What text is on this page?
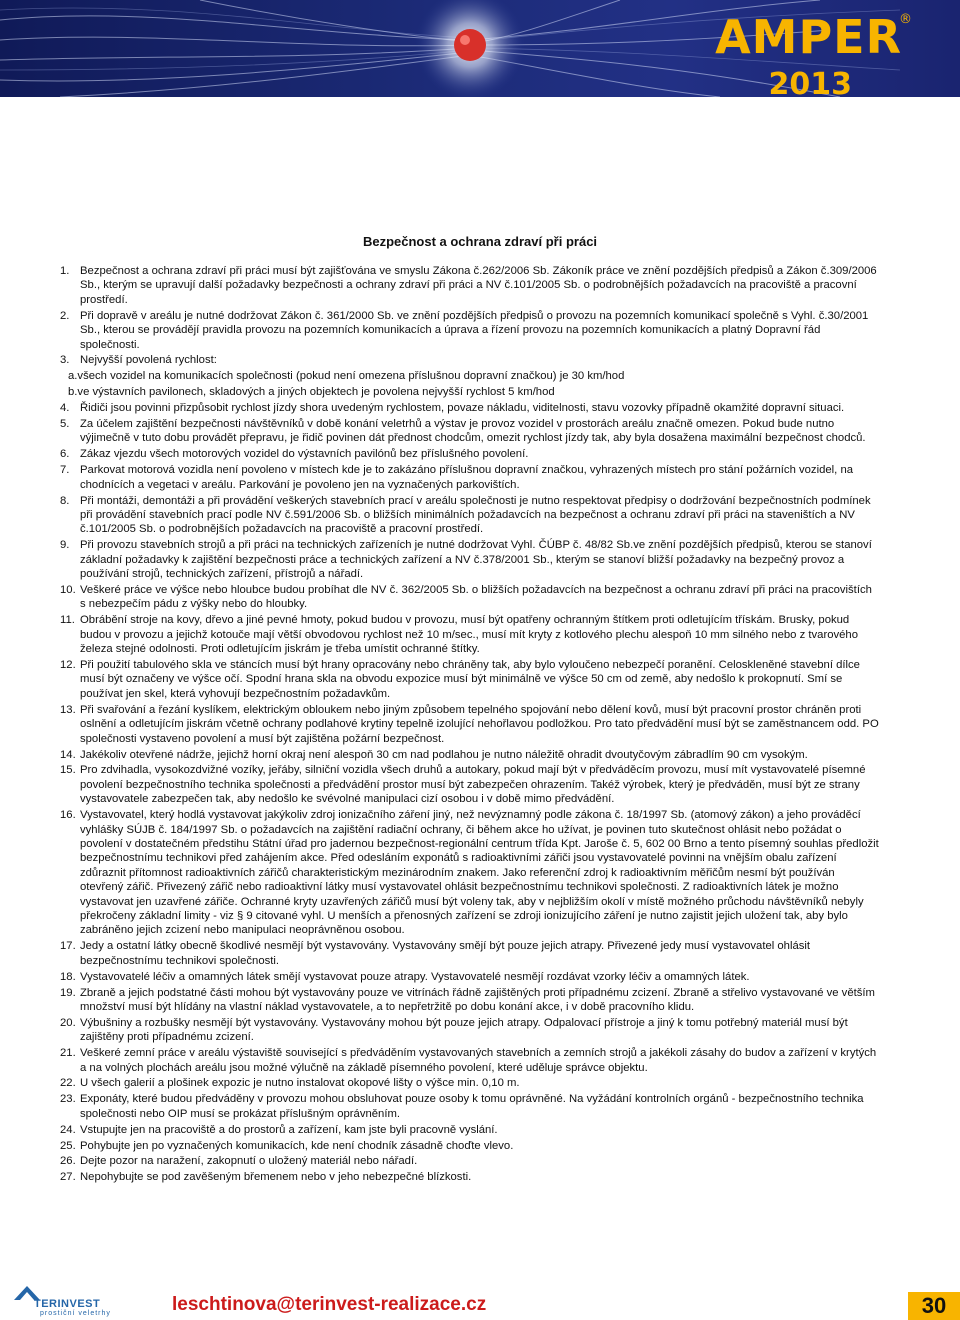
AMPER
®
2013
Bezpečnost a ochrana zdraví při práci
1. Bezpečnost a ochrana zdraví při práci musí být zajišťována ve smyslu Zákona č.262/2006 Sb. Zákoník práce ve znění pozdějších předpisů a Zákon č.309/2006 Sb., kterým se upravují další požadavky bezpečnosti a ochrany zdraví při práci a NV č.101/2005 Sb. o podrobnějších požadavcích na pracoviště a pracovní prostředí.
2. Při dopravě v areálu je nutné dodržovat Zákon č. 361/2000 Sb. ve znění pozdějších předpisů o provozu na pozemních komunikací společně s Vyhl. č.30/2001 Sb., kterou se provádějí pravidla provozu na pozemních komunikacích a úprava a řízení provozu na pozemních komunikacích a platný Dopravní řád společnosti.
3. Nejvyšší povolená rychlost:
a.všech vozidel na komunikacích společnosti (pokud není omezena příslušnou dopravní značkou) je 30 km/hod
b.ve výstavních pavilonech, skladových a jiných objektech je povolena nejvyšší rychlost 5 km/hod
4. Řidiči jsou povinni přizpůsobit rychlost jízdy shora uvedeným rychlostem, povaze nákladu, viditelnosti, stavu vozovky případně okamžité dopravní situaci.
5. Za účelem zajištění bezpečnosti návštěvníků v době konání veletrhů a výstav je provoz vozidel v prostorách areálu značně omezen. Pokud bude nutno výjimečně v tuto dobu provádět přepravu, je řidič povinen dát přednost chodcům, omezit rychlost jízdy tak, aby byla dosažena maximální bezpečnost chodců.
6. Zákaz vjezdu všech motorových vozidel do výstavních pavilónů bez příslušného povolení.
7. Parkovat motorová vozidla není povoleno v místech kde je to zakázáno příslušnou dopravní značkou, vyhrazených místech pro stání požárních vozidel, na chodnících a vegetaci v areálu. Parkování je povoleno jen na vyznačených parkovištích.
8. Při montáži, demontáži a při provádění veškerých stavebních prací v areálu společnosti je nutno respektovat předpisy o dodržování bezpečnostních podmínek při provádění stavebních prací podle NV č.591/2006 Sb. o bližších minimálních požadavcích na bezpečnost a ochranu zdraví při práci na staveništích a NV č.101/2005 Sb. o podrobnějších požadavcích na pracoviště a pracovní prostředí.
9. Při provozu stavebních strojů a při práci na technických zařízeních je nutné dodržovat Vyhl. ČÚBP č. 48/82 Sb.ve znění pozdějších předpisů, kterou se stanoví základní požadavky k zajištění bezpečnosti práce a technických zařízení a NV č.378/2001 Sb., kterým se stanoví bližší požadavky na bezpečný provoz a používání strojů, technických zařízení, přístrojů a nářadí.
10. Veškeré práce ve výšce nebo hloubce budou probíhat dle NV č. 362/2005 Sb. o bližších požadavcích na bezpečnost a ochranu zdraví při práci na pracovištích s nebezpečím pádu z výšky nebo do hloubky.
11. Obrábění stroje na kovy, dřevo a jiné pevné hmoty, pokud budou v provozu, musí být opatřeny ochranným štítkem proti odletujícím třískám. Brusky, pokud budou v provozu a jejichž kotouče mají větší obvodovou rychlost než 10 m/sec., musí mít kryty z kotlového plechu alespoň 10 mm silného nebo z tvarového železa stejné odolnosti. Proti odletujícím jiskrám je třeba umístit ochranné štítky.
12. Při použití tabulového skla ve stáncích musí být hrany opracovány nebo chráněny tak, aby bylo vyloučeno nebezpečí poranění. Celoskleněné stavební dílce musí být označeny ve výšce očí. Spodní hrana skla na obvodu expozice musí být minimálně ve výšce 50 cm od země, aby nedošlo k prokopnutí. Smí se používat jen skel, která vyhovují bezpečnostním požadavkům.
13. Při svařování a řezání kyslíkem, elektrickým obloukem nebo jiným způsobem tepelného spojování nebo dělení kovů, musí být pracovní prostor chráněn proti oslnění a odletujícím jiskrám včetně ochrany podlahové krytiny tepelně izolující nehořlavou podložkou. Pro tato předvádění musí být se zaměstnancem odd. PO společnosti vystaveno povolení a musí být zajištěna požární bezpečnost.
14. Jakékoliv otevřené nádrže, jejichž horní okraj není alespoň 30 cm nad podlahou je nutno náležitě ohradit dvoutyčovým zábradlím 90 cm vysokým.
15. Pro zdvihadla, vysokozdvižné vozíky, jeřáby, silniční vozidla všech druhů a autokary, pokud mají být v předváděcím provozu, musí mít vystavovatelé písemné povolení bezpečnostního technika společnosti a předvádění prostor musí být zabezpečen ohrazením. Takéž výrobek, který je předváděn, musí být ze strany vystavovatele zabezpečen tak, aby nedošlo ke svévolné manipulaci cizí osobou i v době mimo předvádění.
16. Vystavovatel, který hodlá vystavovat jakýkoliv zdroj ionizačního záření jiný, než nevýznamný podle zákona č. 18/1997 Sb. (atomový zákon) a jeho prováděcí vyhlášky SÚJB č. 184/1997 Sb. o požadavcích na zajištění radiační ochrany, či během akce ho užívat, je povinen tuto skutečnost ohlásit nebo požádat o povolení v dostatečném předstihu Státní úřad pro jadernou bezpečnost-regionální centrum třída Kpt. Jaroše č. 5, 602 00 Brno a tento písemný souhlas předložit bezpečnostnímu technikovi před zahájením akce. Před odesláním exponátů s radioaktivními zářiči jsou vystavovatelé povinni na vnějším obalu zařízení zdůraznit přítomnost radioaktivních zářičů charakteristickým mezinárodním znakem. Jako referenční zdroj k radioaktivním měřičům nesmí být používán otevřený zářič. Přivezený zářič nebo radioaktivní látky musí vystavovatel ohlásit bezpečnostnímu technikovi společnosti. Z radioaktivních látek je možno vystavovat jen uzavřené zářiče. Ochranné kryty uzavřených zářičů musí být voleny tak, aby v nejbližším okolí v místě možného průchodu návštěvníků nebyly překročeny základní limity - viz § 9 citované vyhl. U menších a přenosných zařízení se zdroji ionizujícího záření je nutno zajistit jejich uložení tak, aby bylo zabráněno jejich zcizení nebo manipulaci neoprávněnou osobou.
17. Jedy a ostatní látky obecně škodlivé nesmějí být vystavovány. Vystavovány smějí být pouze jejich atrapy. Přivezené jedy musí vystavovatel ohlásit bezpečnostnímu technikovi společnosti.
18. Vystavovatelé léčiv a omamných látek smějí vystavovat pouze atrapy. Vystavovatelé nesmějí rozdávat vzorky léčiv a omamných látek.
19. Zbraně a jejich podstatné části mohou být vystavovány pouze ve vitrínách řádně zajištěných proti případnému zcizení. Zbraně a střelivo vystavované ve větším množství musí být hlídány na vlastní náklad vystavovatele, a to nepřetržitě po dobu konání akce, i v době pracovního klidu.
20. Výbušniny a rozbušky nesmějí být vystavovány. Vystavovány mohou být pouze jejich atrapy. Odpalovací přístroje a jiný k tomu potřebný materiál musí být zajištěny proti případnému zcizení.
21. Veškeré zemní práce v areálu výstaviště související s předváděním vystavovaných stavebních a zemních strojů a jakékoli zásahy do budov a zařízení v krytých a na volných plochách areálu jsou možné výlučně na základě písemného povolení, které uděluje správce objektu.
22. U všech galerií a plošinek expozic je nutno instalovat okopové lišty o výšce min. 0,10 m.
23. Exponáty, které budou předváděny v provozu mohou obsluhovat pouze osoby k tomu oprávněné. Na vyžádání kontrolních orgánů - bezpečnostního technika společnosti nebo OIP musí se prokázat příslušným oprávněním.
24. Vstupujte jen na pracoviště a do prostorů a zařízení, kam jste byli pracovně vyslání.
25. Pohybujte jen po vyznačených komunikacích, kde není chodník zásadně choďte vlevo.
26. Dejte pozor na naražení, zakopnutí o uložený materiál nebo nářadí.
27. Nepohybujte se pod zavěšeným břemenem nebo v jeho nebezpečné blízkosti.
TERINVEST
prostiční veletrhy	leschtinova@terinvest-realizace.cz	30
